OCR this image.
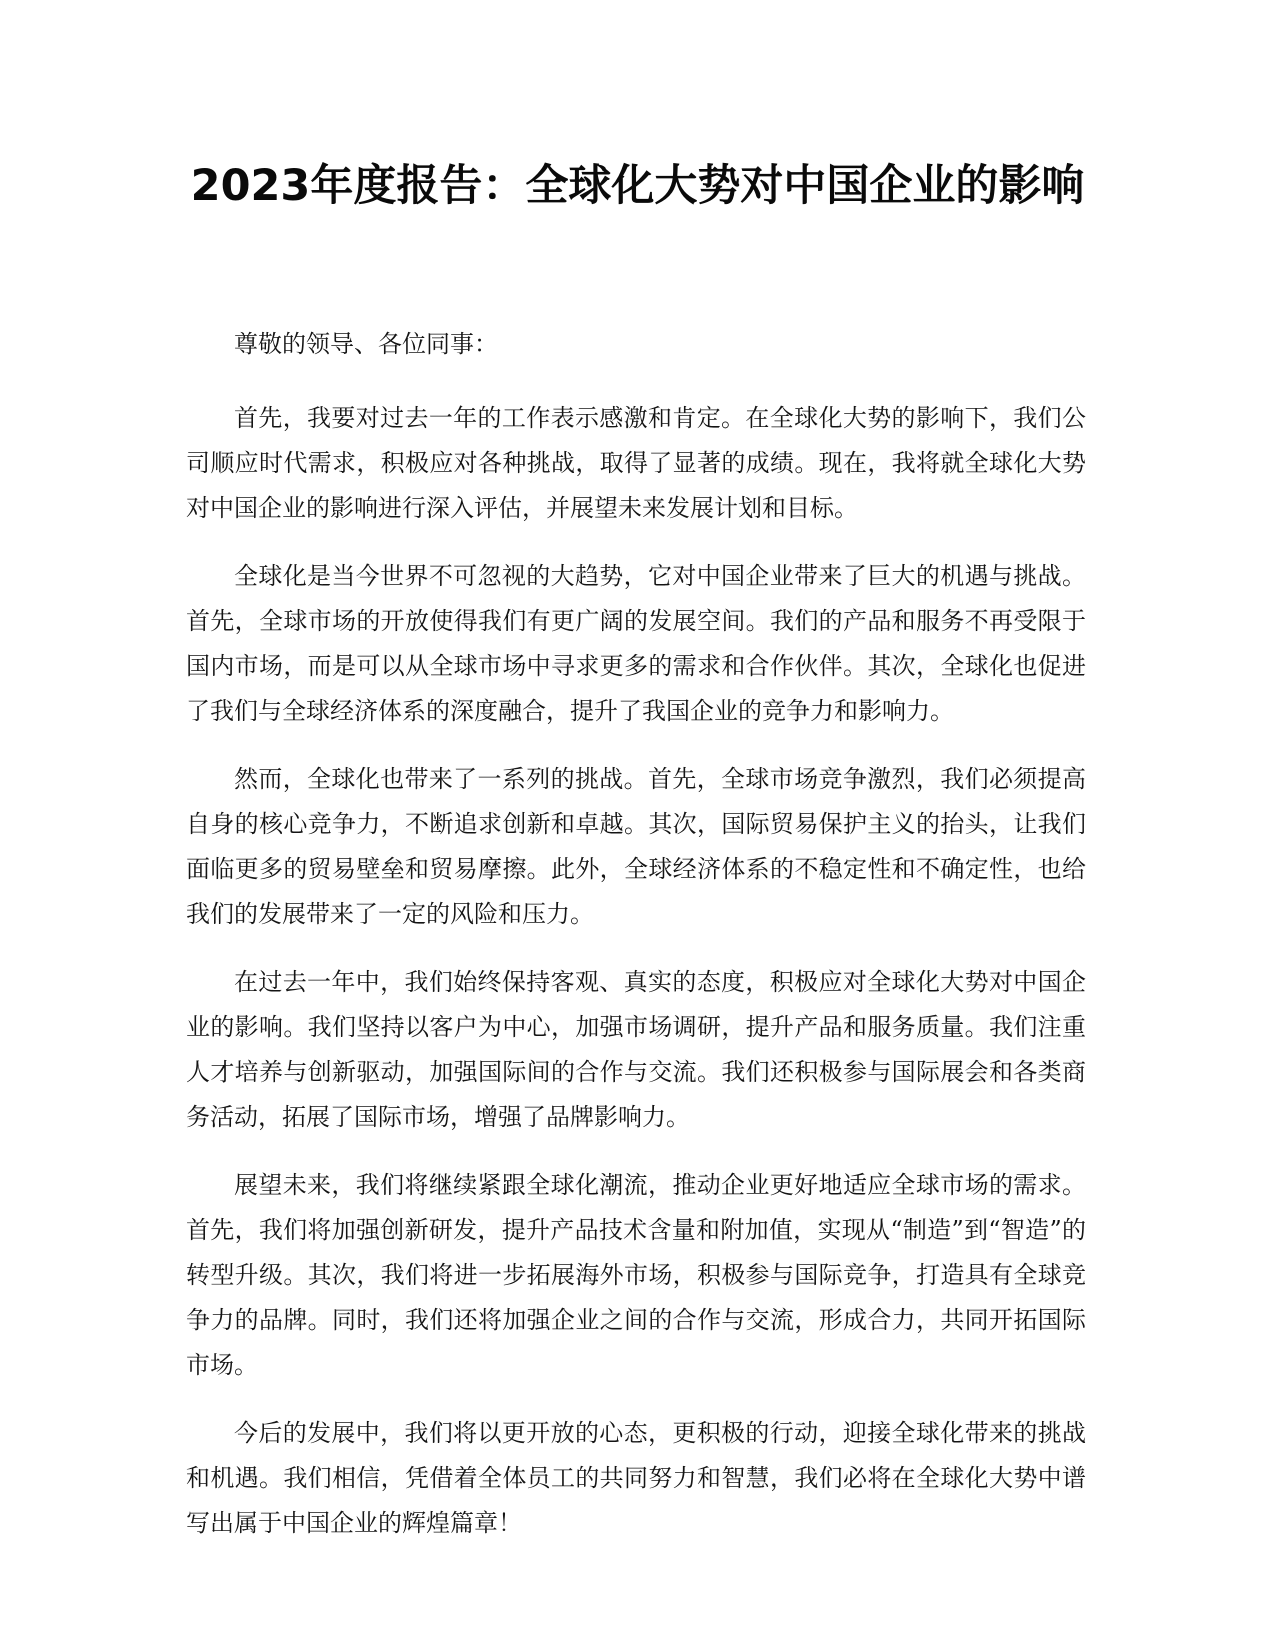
2023年度报告：全球化大势对中国企业的影响

尊敬的领导、各位同事：

首先，我要对过去一年的工作表示感激和肯定。在全球化大势的影响下，我们公司顺应时代需求，积极应对各种挑战，取得了显著的成绩。现在，我将就全球化大势对中国企业的影响进行深入评估，并展望未来发展计划和目标。

全球化是当今世界不可忽视的大趋势，它对中国企业带来了巨大的机遇与挑战。首先，全球市场的开放使得我们有更广阔的发展空间。我们的产品和服务不再受限于国内市场，而是可以从全球市场中寻求更多的需求和合作伙伴。其次，全球化也促进了我们与全球经济体系的深度融合，提升了我国企业的竞争力和影响力。

然而，全球化也带来了一系列的挑战。首先，全球市场竞争激烈，我们必须提高自身的核心竞争力，不断追求创新和卓越。其次，国际贸易保护主义的抬头，让我们面临更多的贸易壁垒和贸易摩擦。此外，全球经济体系的不稳定性和不确定性，也给我们的发展带来了一定的风险和压力。

在过去一年中，我们始终保持客观、真实的态度，积极应对全球化大势对中国企业的影响。我们坚持以客户为中心，加强市场调研，提升产品和服务质量。我们注重人才培养与创新驱动，加强国际间的合作与交流。我们还积极参与国际展会和各类商务活动，拓展了国际市场，增强了品牌影响力。

展望未来，我们将继续紧跟全球化潮流，推动企业更好地适应全球市场的需求。首先，我们将加强创新研发，提升产品技术含量和附加值，实现从“制造”到“智造”的转型升级。其次，我们将进一步拓展海外市场，积极参与国际竞争，打造具有全球竞争力的品牌。同时，我们还将加强企业之间的合作与交流，形成合力，共同开拓国际市场。

今后的发展中，我们将以更开放的心态，更积极的行动，迎接全球化带来的挑战和机遇。我们相信，凭借着全体员工的共同努力和智慧，我们必将在全球化大势中谱写出属于中国企业的辉煌篇章！
